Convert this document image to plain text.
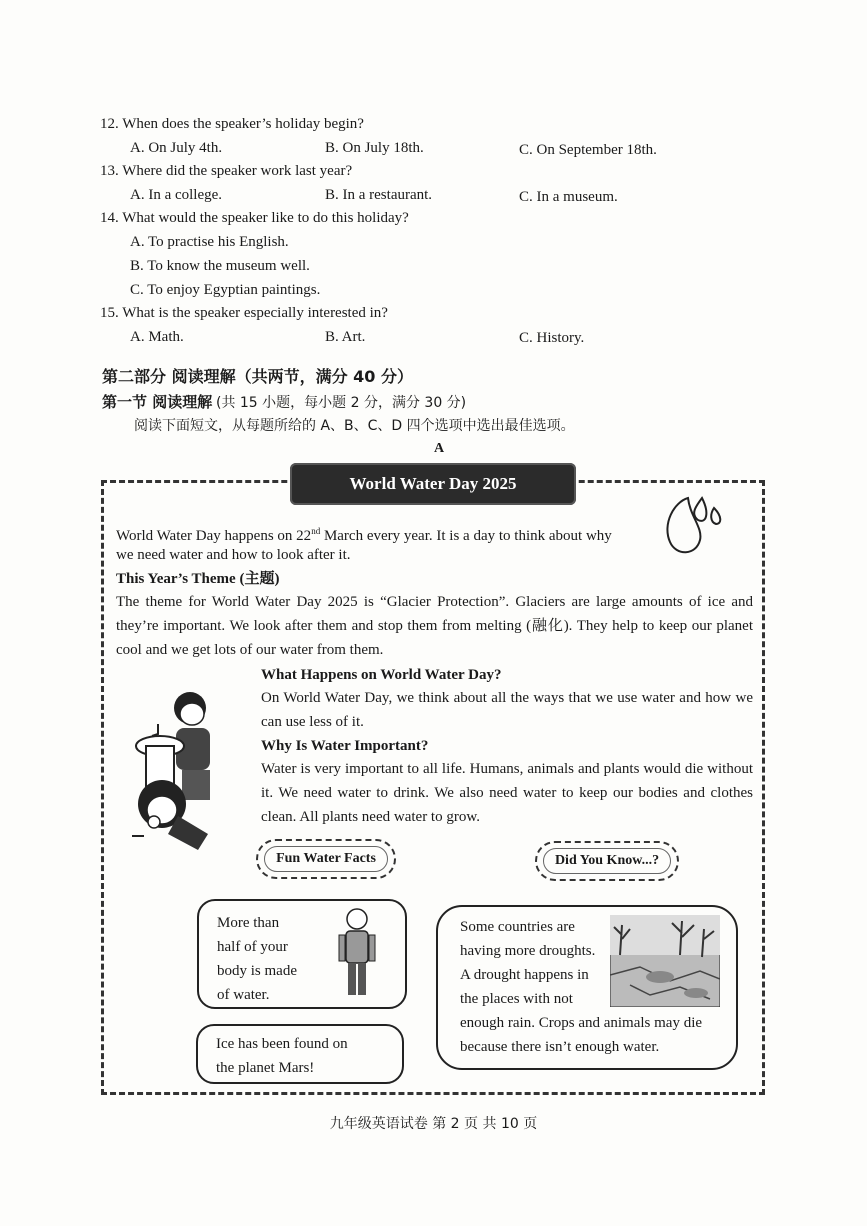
12. When does the speaker’s holiday begin?
A. On July 4th.	B. On July 18th.	C. On September 18th.
13. Where did the speaker work last year?
A. In a college.	B. In a restaurant.	C. In a museum.
14. What would the speaker like to do this holiday?
A. To practise his English.
B. To know the museum well.
C. To enjoy Egyptian paintings.
15. What is the speaker especially interested in?
A. Math.	B. Art.	C. History.
第二部分 阅读理解（共两节，满分 40 分）
第一节 阅读理解 (共 15 小题，每小题 2 分，满分 30 分)
阅读下面短文，从每题所给的 A、B、C、D 四个选项中选出最佳选项。
A
World Water Day 2025
World Water Day happens on 22nd March every year. It is a day to think about why
we need water and how to look after it.
This Year’s Theme (主题)
The theme for World Water Day 2025 is “Glacier Protection”. Glaciers are large amounts of ice and they’re important. We look after them and stop them from melting (融化). They help to keep our planet cool and we get lots of our water from them.
What Happens on World Water Day?
On World Water Day, we think about all the ways that we use water and how we can use less of it.
Why Is Water Important?
Water is very important to all life. Humans, animals and plants would die without it. We need water to drink. We also need water to keep our bodies and clothes clean. All plants need water to grow.
Fun Water Facts	Did You Know...?
More than
half of your
body is made
of water.
Ice has been found on
the planet Mars!
Some countries are
having more droughts.
A drought happens in
the places with not
enough rain. Crops and animals may die
because there isn’t enough water.
九年级英语试卷 第 2 页 共 10 页
